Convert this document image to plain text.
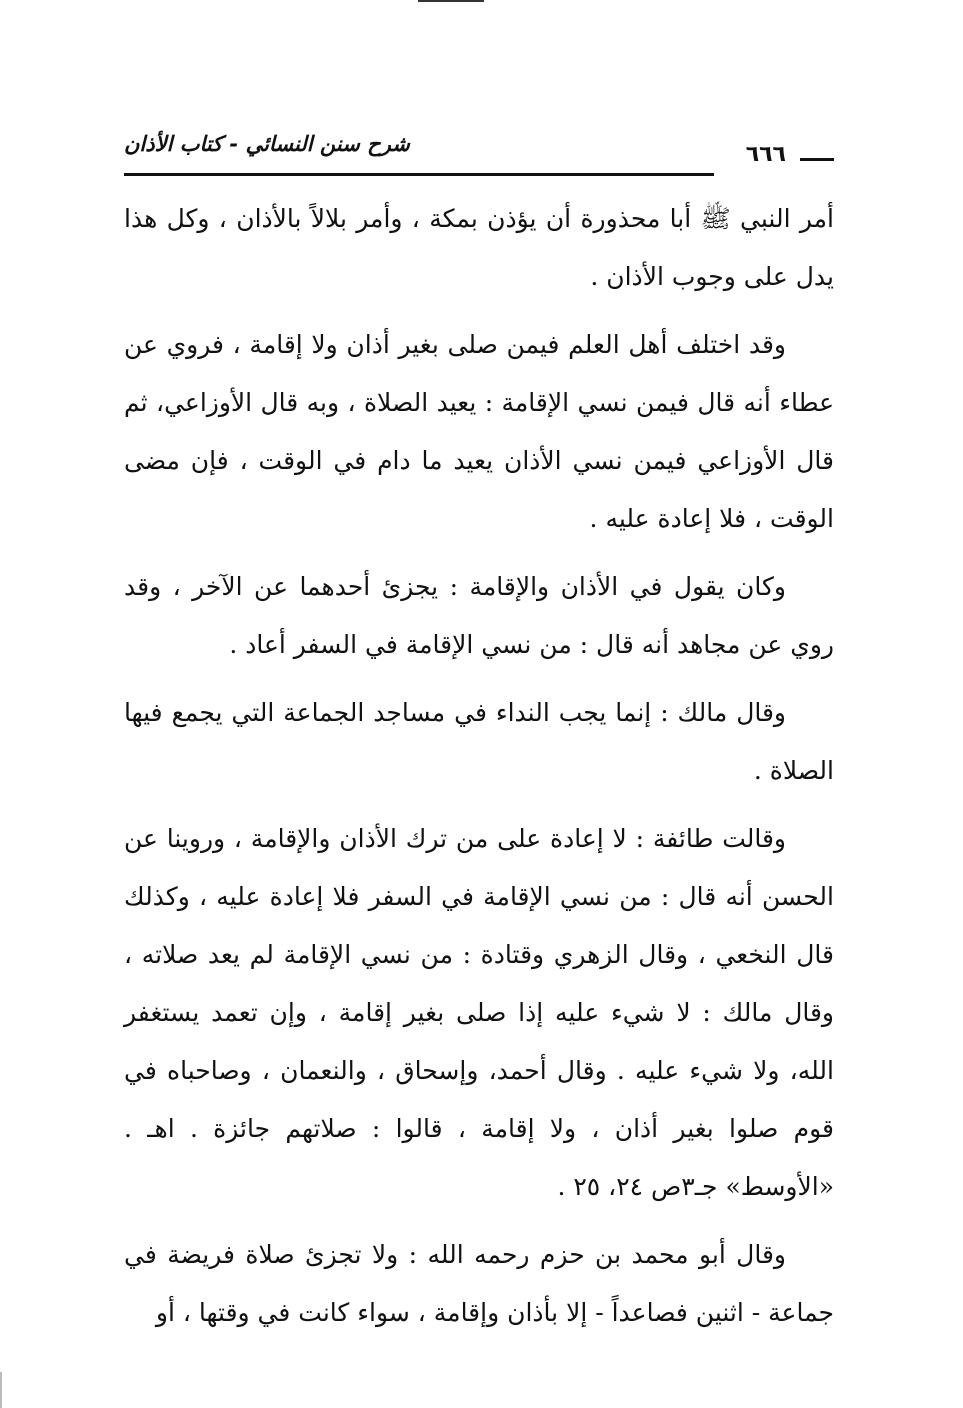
شرح سنن النسائي - كتاب الأذان	٦٦٦

أمر النبي ﷺ أبا محذورة أن يؤذن بمكة ، وأمر بلالاً بالأذان ، وكل هذا يدل على وجوب الأذان .

وقد اختلف أهل العلم فيمن صلى بغير أذان ولا إقامة ، فروي عن عطاء أنه قال فيمن نسي الإقامة : يعيد الصلاة ، وبه قال الأوزاعي، ثم قال الأوزاعي فيمن نسي الأذان يعيد ما دام في الوقت ، فإن مضى الوقت ، فلا إعادة عليه .

وكان يقول في الأذان والإقامة : يجزئ أحدهما عن الآخر ، وقد روي عن مجاهد أنه قال : من نسي الإقامة في السفر أعاد .

وقال مالك : إنما يجب النداء في مساجد الجماعة التي يجمع فيها الصلاة .

وقالت طائفة : لا إعادة على من ترك الأذان والإقامة ، وروينا عن الحسن أنه قال : من نسي الإقامة في السفر فلا إعادة عليه ، وكذلك قال النخعي ، وقال الزهري وقتادة : من نسي الإقامة لم يعد صلاته ، وقال مالك : لا شيء عليه إذا صلى بغير إقامة ، وإن تعمد يستغفر الله، ولا شيء عليه . وقال أحمد، وإسحاق ، والنعمان ، وصاحباه في قوم صلوا بغير أذان ، ولا إقامة ، قالوا : صلاتهم جائزة . اهـ . «الأوسط» جـ٣ص ٢٤، ٢٥ .

وقال أبو محمد بن حزم رحمه الله : ولا تجزئ صلاة فريضة في جماعة - اثنين فصاعداً - إلا بأذان وإقامة ، سواء كانت في وقتها ، أو
